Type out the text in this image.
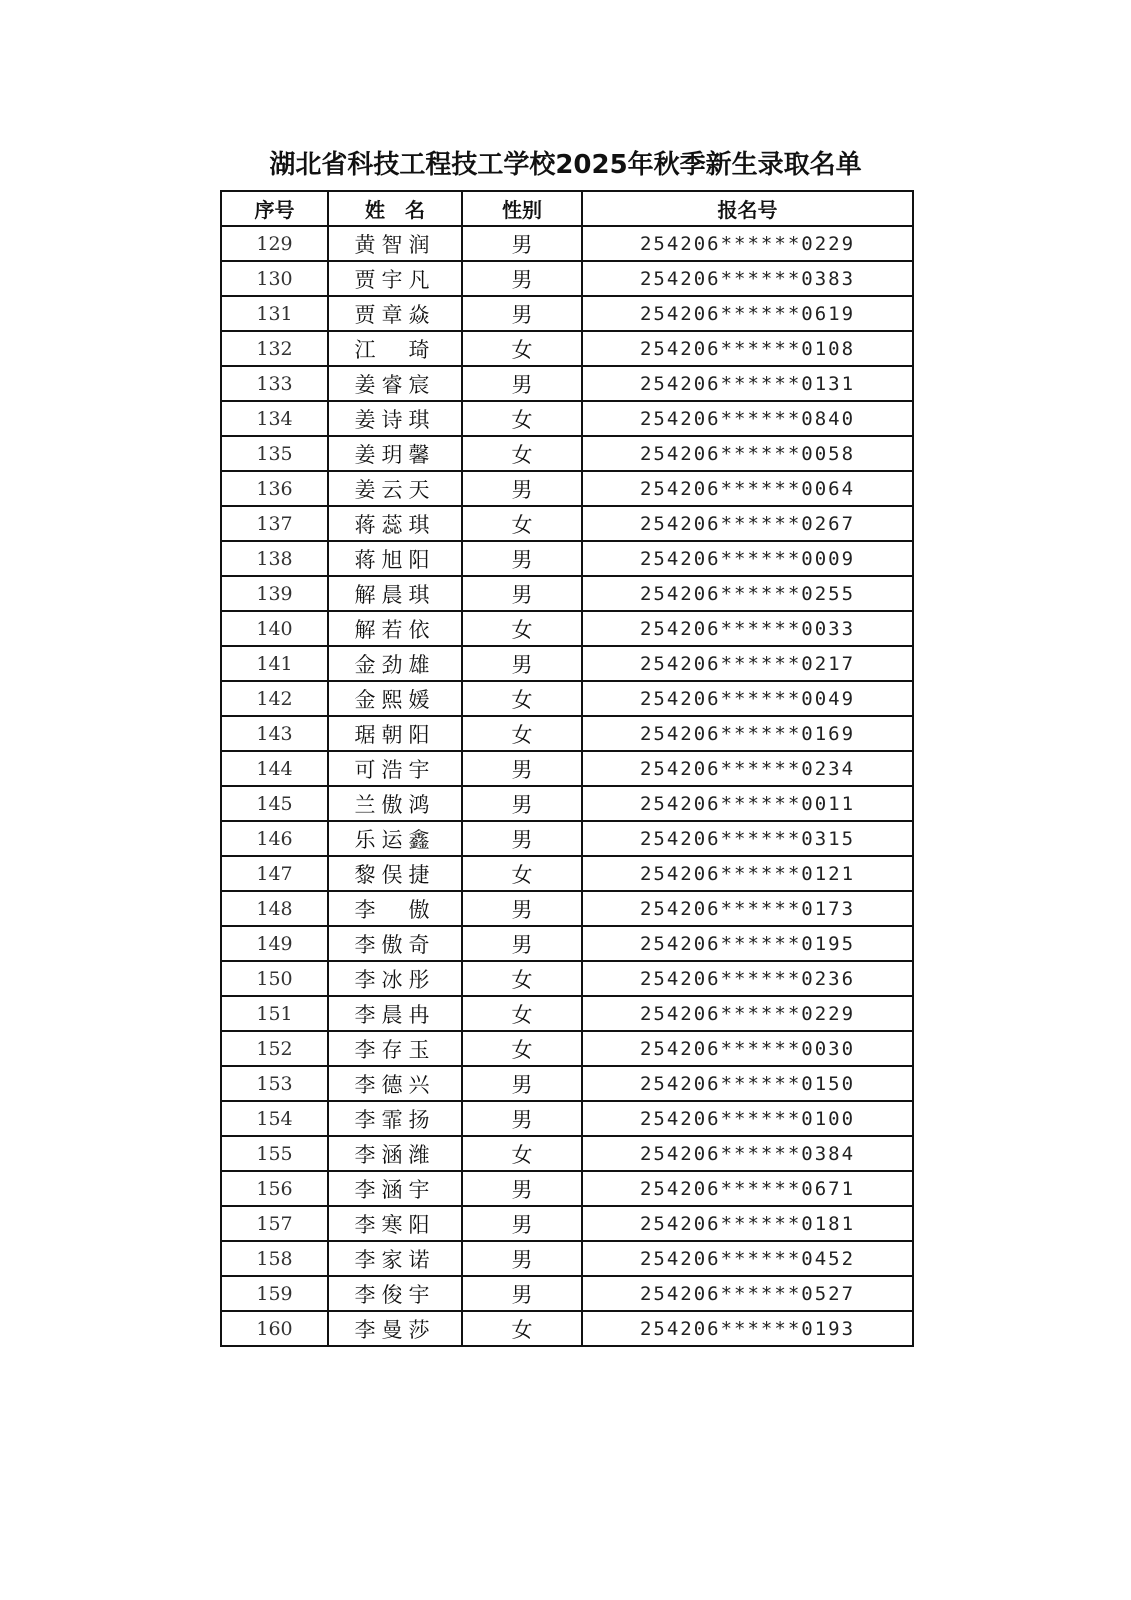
湖北省科技工程技工学校2025年秋季新生录取名单
序号	姓　名	性别	报名号
129	黄智润	男	254206******0229
130	贾宇凡	男	254206******0383
131	贾章焱	男	254206******0619
132	江　琦	女	254206******0108
133	姜睿宸	男	254206******0131
134	姜诗琪	女	254206******0840
135	姜玥馨	女	254206******0058
136	姜云天	男	254206******0064
137	蒋蕊琪	女	254206******0267
138	蒋旭阳	男	254206******0009
139	解晨琪	男	254206******0255
140	解若依	女	254206******0033
141	金劲雄	男	254206******0217
142	金熙媛	女	254206******0049
143	琚朝阳	女	254206******0169
144	可浩宇	男	254206******0234
145	兰傲鸿	男	254206******0011
146	乐运鑫	男	254206******0315
147	黎俣捷	女	254206******0121
148	李　傲	男	254206******0173
149	李傲奇	男	254206******0195
150	李冰彤	女	254206******0236
151	李晨冉	女	254206******0229
152	李存玉	女	254206******0030
153	李德兴	男	254206******0150
154	李霏扬	男	254206******0100
155	李涵潍	女	254206******0384
156	李涵宇	男	254206******0671
157	李寒阳	男	254206******0181
158	李家诺	男	254206******0452
159	李俊宇	男	254206******0527
160	李曼莎	女	254206******0193
